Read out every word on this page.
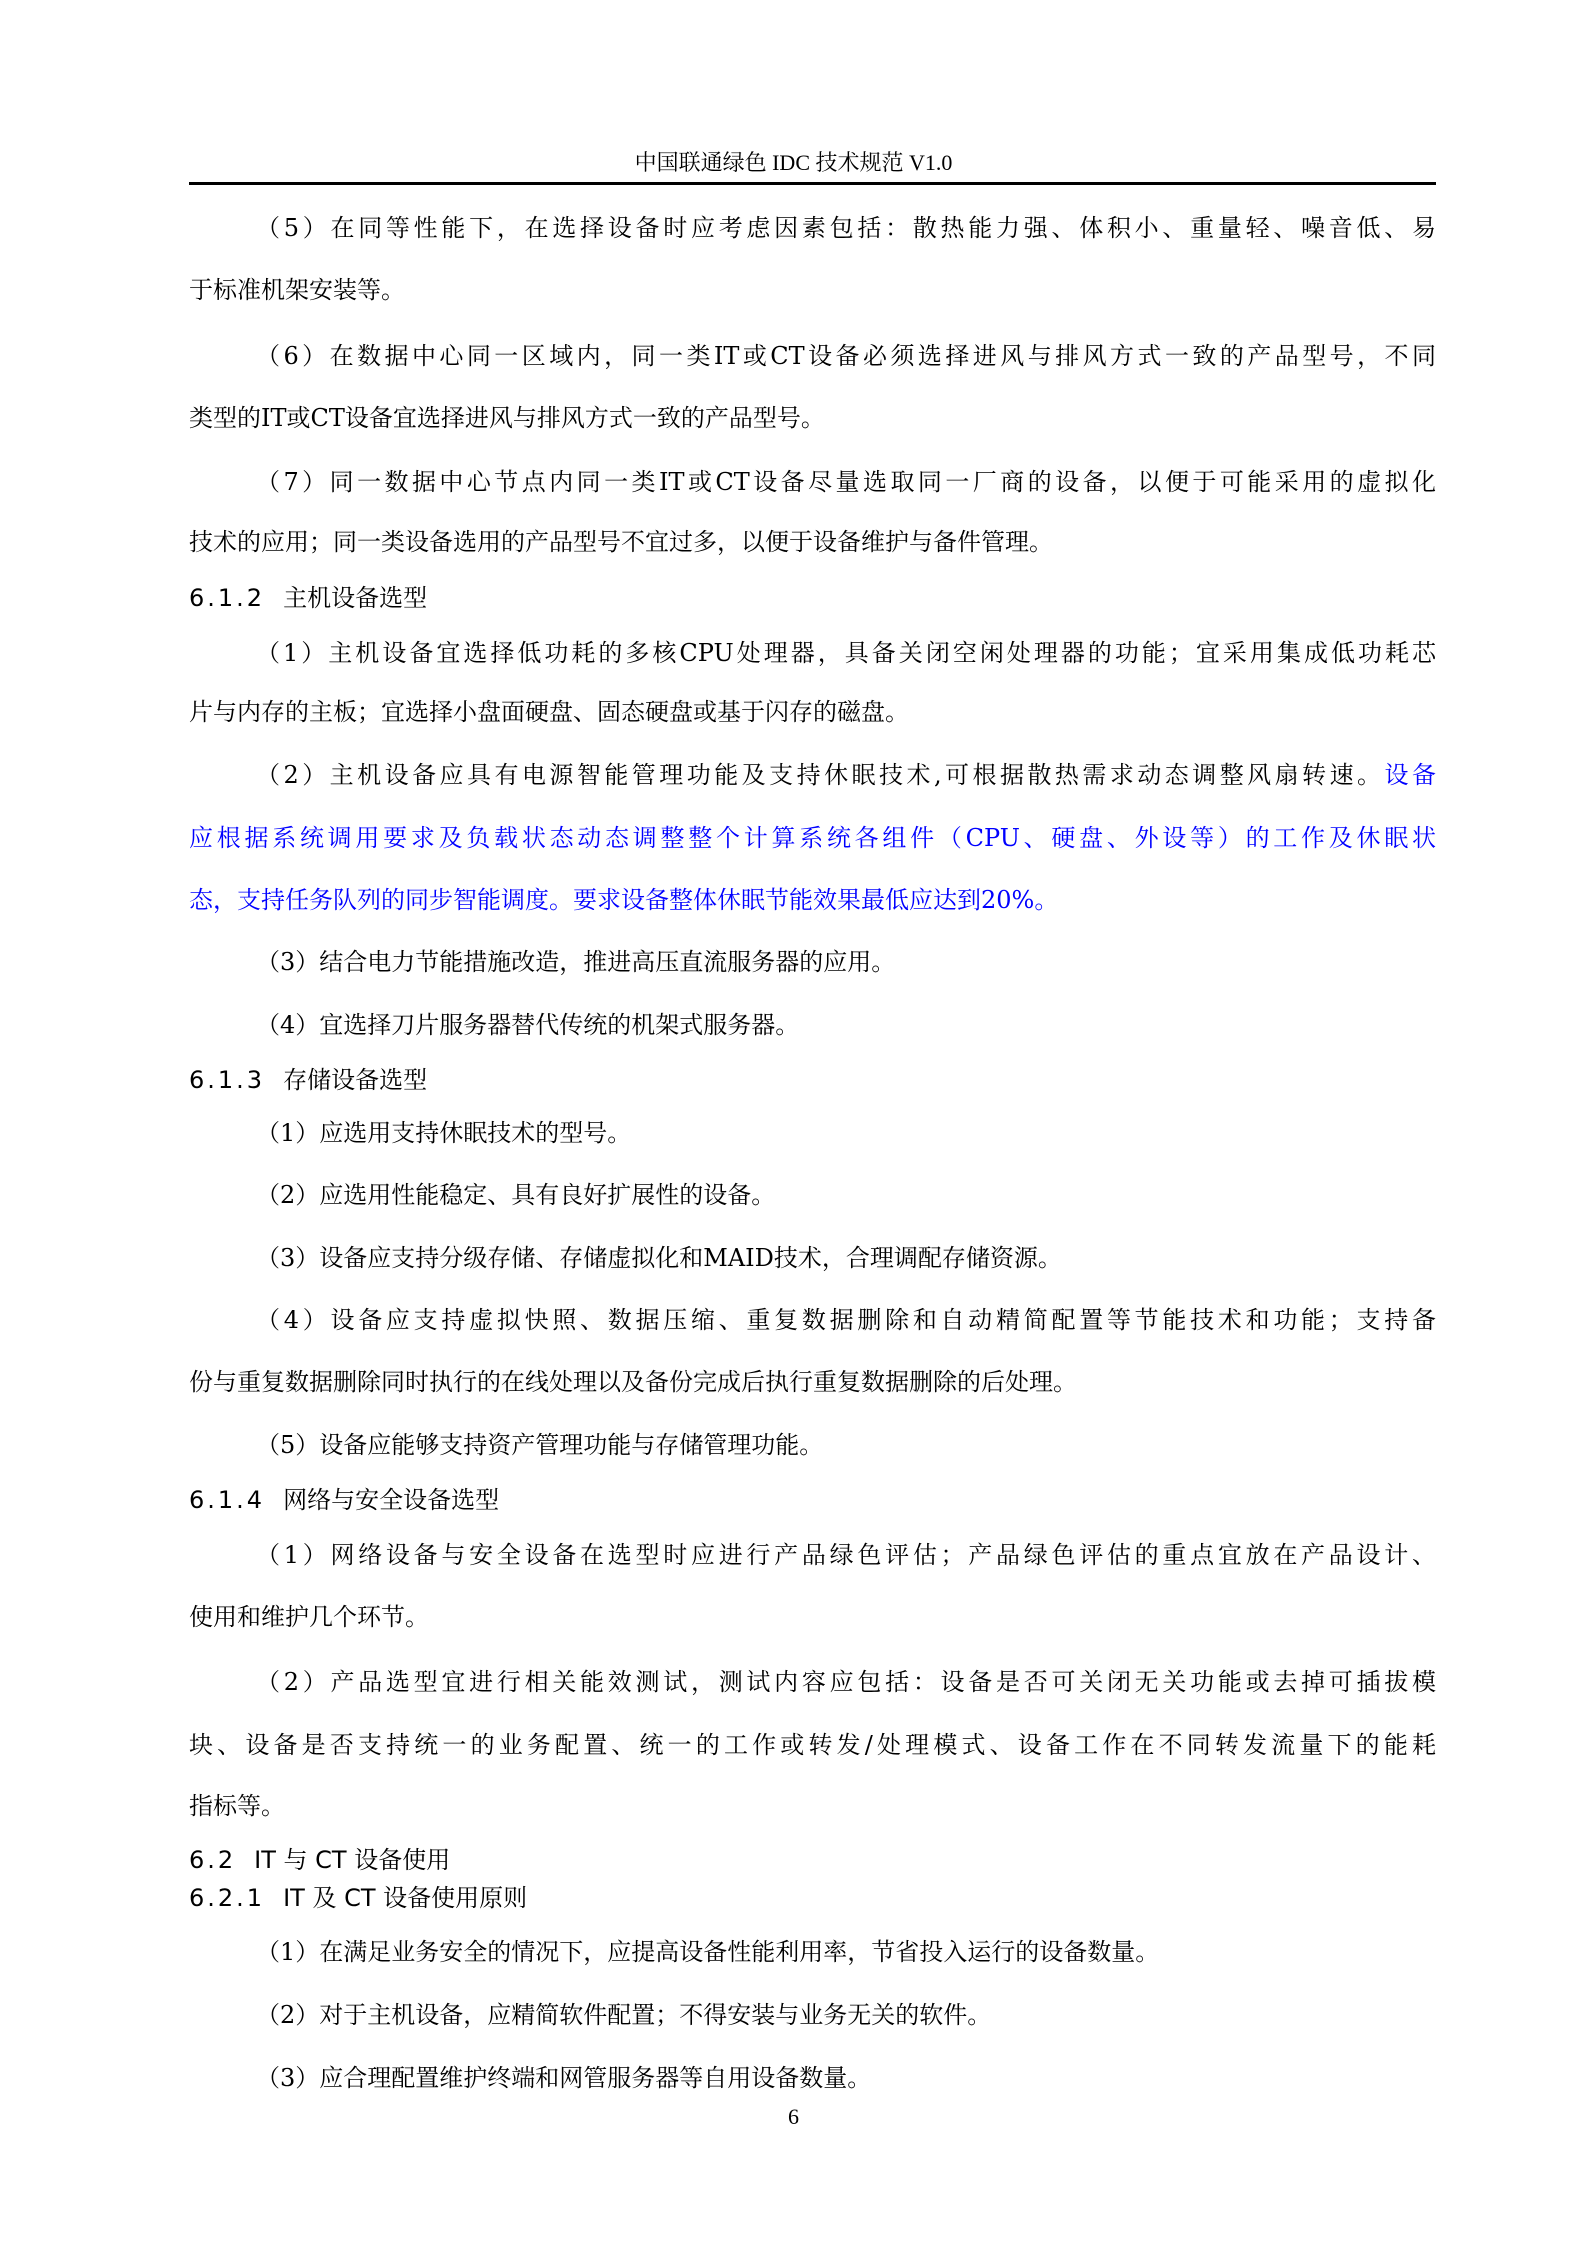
中国联通绿色 IDC 技术规范 V1.0
（5）在同等性能下，在选择设备时应考虑因素包括：散热能力强、体积小、重量轻、噪音低、易
于标准机架安装等。
（6）在数据中心同一区域内，同一类IT或CT设备必须选择进风与排风方式一致的产品型号，不同
类型的IT或CT设备宜选择进风与排风方式一致的产品型号。
（7）同一数据中心节点内同一类IT或CT设备尽量选取同一厂商的设备，以便于可能采用的虚拟化
技术的应用；同一类设备选用的产品型号不宜过多，以便于设备维护与备件管理。
6.1.2 主机设备选型
（1）主机设备宜选择低功耗的多核CPU处理器，具备关闭空闲处理器的功能；宜采用集成低功耗芯
片与内存的主板；宜选择小盘面硬盘、固态硬盘或基于闪存的磁盘。
（2）主机设备应具有电源智能管理功能及支持休眠技术,可根据散热需求动态调整风扇转速。设备
应根据系统调用要求及负载状态动态调整整个计算系统各组件（CPU、硬盘、外设等）的工作及休眠状
态，支持任务队列的同步智能调度。要求设备整体休眠节能效果最低应达到20%。
（3）结合电力节能措施改造，推进高压直流服务器的应用。
（4）宜选择刀片服务器替代传统的机架式服务器。
6.1.3 存储设备选型
（1）应选用支持休眠技术的型号。
（2）应选用性能稳定、具有良好扩展性的设备。
（3）设备应支持分级存储、存储虚拟化和MAID技术，合理调配存储资源。
（4）设备应支持虚拟快照、数据压缩、重复数据删除和自动精简配置等节能技术和功能；支持备
份与重复数据删除同时执行的在线处理以及备份完成后执行重复数据删除的后处理。
（5）设备应能够支持资产管理功能与存储管理功能。
6.1.4 网络与安全设备选型
（1）网络设备与安全设备在选型时应进行产品绿色评估；产品绿色评估的重点宜放在产品设计、
使用和维护几个环节。
（2）产品选型宜进行相关能效测试，测试内容应包括：设备是否可关闭无关功能或去掉可插拔模
块、设备是否支持统一的业务配置、统一的工作或转发/处理模式、设备工作在不同转发流量下的能耗
指标等。
6.2 IT 与 CT 设备使用
6.2.1 IT 及 CT 设备使用原则
（1）在满足业务安全的情况下，应提高设备性能利用率，节省投入运行的设备数量。
（2）对于主机设备，应精简软件配置；不得安装与业务无关的软件。
（3）应合理配置维护终端和网管服务器等自用设备数量。
6
